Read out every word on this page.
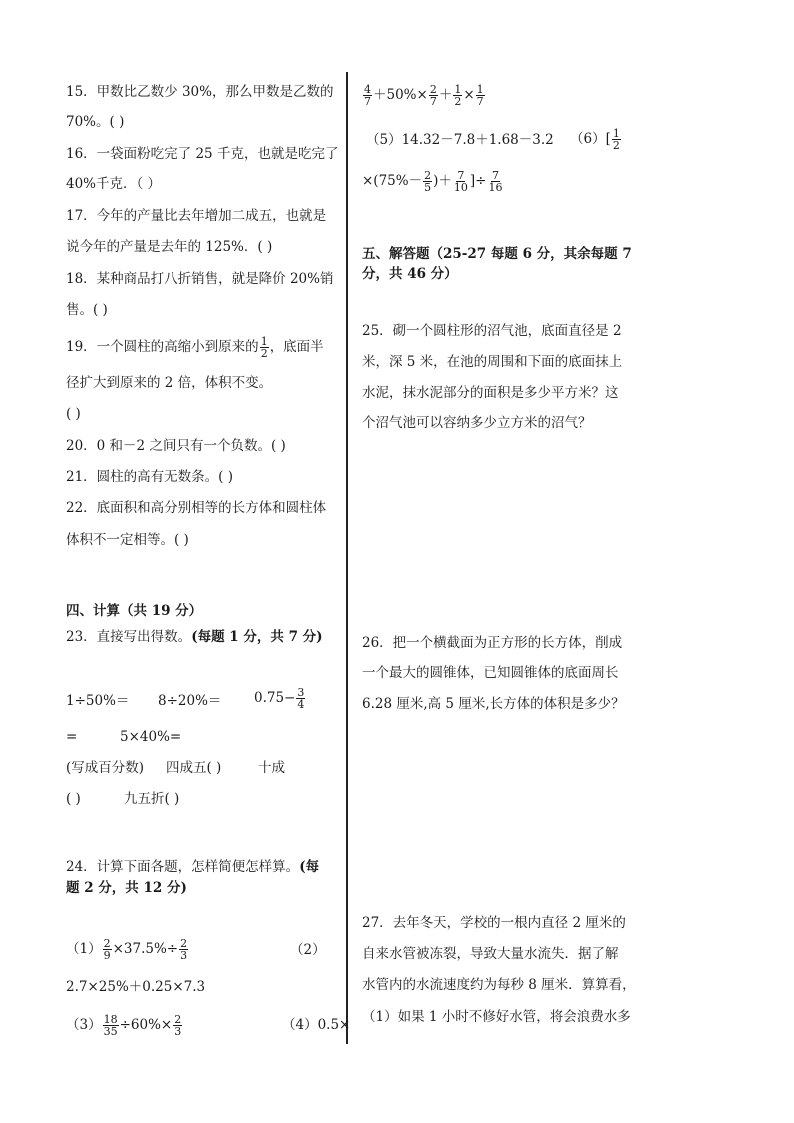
15．甲数比乙数少 30%，那么甲数是乙数的
70%。( )
16．一袋面粉吃完了 25 千克，也就是吃完了
40%千克．（ ）
17．今年的产量比去年增加二成五，也就是
说今年的产量是去年的 125%．( )
18．某种商品打八折销售，就是降价 20%销
售。( )
19．一个圆柱的高缩小到原来的 $\frac{1}{2}$ ，底面半
径扩大到原来的 2 倍，体积不变。
( )
20．0 和－2 之间只有一个负数。( )
21．圆柱的高有无数条。( )
22．底面积和高分别相等的长方体和圆柱体
体积不一定相等。( )
四、计算（共 19 分）
23．直接写出得数。(每题 1 分，共 7 分)
$1\div 50\%= 8\div 20\%= 0.75- \frac{3}{4}$
=	5×40%=
(写成百分数) 四成五( )	十成
( )	九五折( )
24．计算下面各题，怎样简便怎样算。(每
题 2 分，共 12 分)
$(1) \frac{2}{9} \times 37.5\%\div \frac{2}{3}$	（2）
2.7×25%＋0.25×7.3
$(3) \frac{18}{35} \div 60\%\times \frac{2}{3}$	（4）0.5×
$\frac{4}{7} +50\%\times \frac{2}{7} + \frac{1}{2} \times \frac{1}{7}$
（5）14.32－7.8＋1.68－3.2 $(6)[ \frac{1}{2}$
$\times(75\%- \frac{2}{5}$ )＋ $\frac{7}{10}$ ]÷ $\frac{7}{16}$
五、解答题（25-27 每题 6 分，其余每题 7
分，共 46 分）
25．砌一个圆柱形的沼气池，底面直径是 2
米，深 5 米，在池的周围和下面的底面抹上
水泥，抹水泥部分的面积是多少平方米？这
个沼气池可以容纳多少立方米的沼气？
26．把一个横截面为正方形的长方体，削成
一个最大的圆锥体，已知圆锥体的底面周长
6.28 厘米,高 5 厘米,长方体的体积是多少？
27．去年冬天，学校的一根内直径 2 厘米的
自来水管被冻裂，导致大量水流失．据了解
水管内的水流速度约为每秒 8 厘米．算算看，
（1）如果 1 小时不修好水管，将会浪费水多
